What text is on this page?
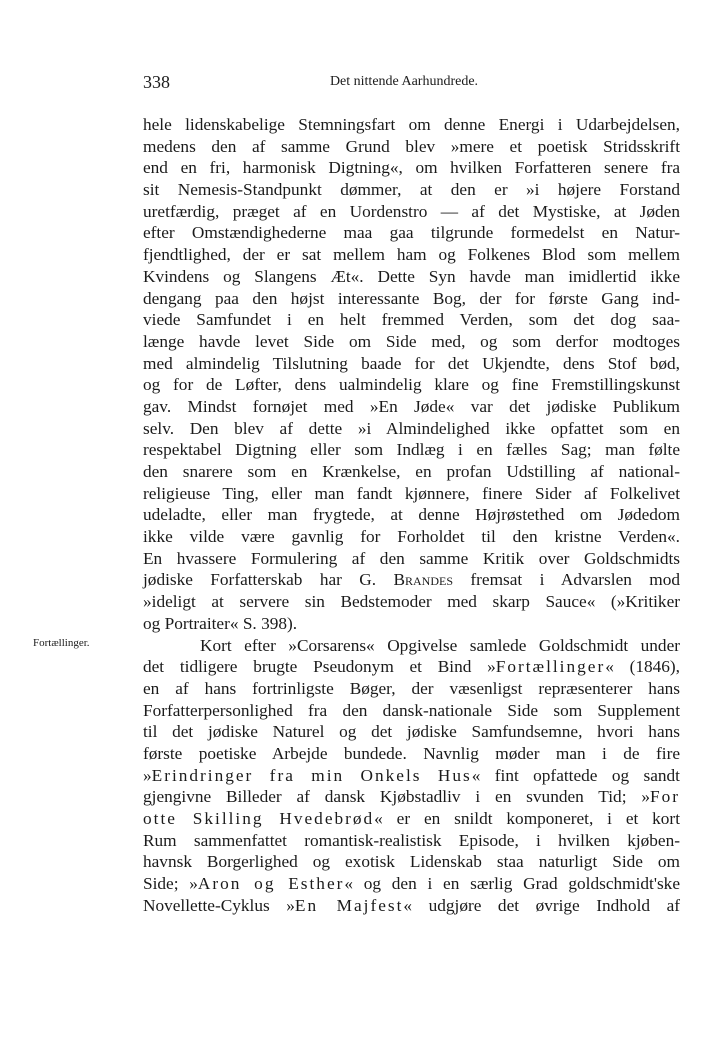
338	Det nittende Aarhundrede.
Fortællinger.
hele lidenskabelige Stemningsfart om denne Energi i Udarbejdelsen,
medens den af samme Grund blev »mere et poetisk Stridsskrift
end en fri, harmonisk Digtning«, om hvilken Forfatteren senere fra
sit Nemesis-Standpunkt dømmer, at den er »i højere Forstand
uretfærdig, præget af en Uordenstro — af det Mystiske, at Jøden
efter Omstændighederne maa gaa tilgrunde formedelst en Natur-
fjendtlighed, der er sat mellem ham og Folkenes Blod som mellem
Kvindens og Slangens Æt«. Dette Syn havde man imidlertid ikke
dengang paa den højst interessante Bog, der for første Gang ind-
viede Samfundet i en helt fremmed Verden, som det dog saa-
længe havde levet Side om Side med, og som derfor modtoges
med almindelig Tilslutning baade for det Ukjendte, dens Stof bød,
og for de Løfter, dens ualmindelig klare og fine Fremstillingskunst
gav. Mindst fornøjet med »En Jøde« var det jødiske Publikum
selv. Den blev af dette »i Almindelighed ikke opfattet som en
respektabel Digtning eller som Indlæg i en fælles Sag; man følte
den snarere som en Krænkelse, en profan Udstilling af national-
religieuse Ting, eller man fandt kjønnere, finere Sider af Folkelivet
udeladte, eller man frygtede, at denne Højrøstethed om Jødedom
ikke vilde være gavnlig for Forholdet til den kristne Verden«.
En hvassere Formulering af den samme Kritik over Goldschmidts
jødiske Forfatterskab har G. Brandes fremsat i Advarslen mod
»ideligt at servere sin Bedstemoder med skarp Sauce« (»Kritiker
og Portraiter« S. 398).
Kort efter »Corsarens« Opgivelse samlede Goldschmidt under
det tidligere brugte Pseudonym et Bind »Fortællinger« (1846),
en af hans fortrinligste Bøger, der væsenligst repræsenterer hans
Forfatterpersonlighed fra den dansk-nationale Side som Supplement
til det jødiske Naturel og det jødiske Samfundsemne, hvori hans
første poetiske Arbejde bundede. Navnlig møder man i de fire
»Erindringer fra min Onkels Hus« fint opfattede og sandt
gjengivne Billeder af dansk Kjøbstadliv i en svunden Tid; »For
otte Skilling Hvedebrød« er en snildt komponeret, i et kort
Rum sammenfattet romantisk-realistisk Episode, i hvilken kjøben-
havnsk Borgerlighed og exotisk Lidenskab staa naturligt Side om
Side; »Aron og Esther« og den i en særlig Grad goldschmidt'ske
Novellette-Cyklus »En Majfest« udgjøre det øvrige Indhold af
